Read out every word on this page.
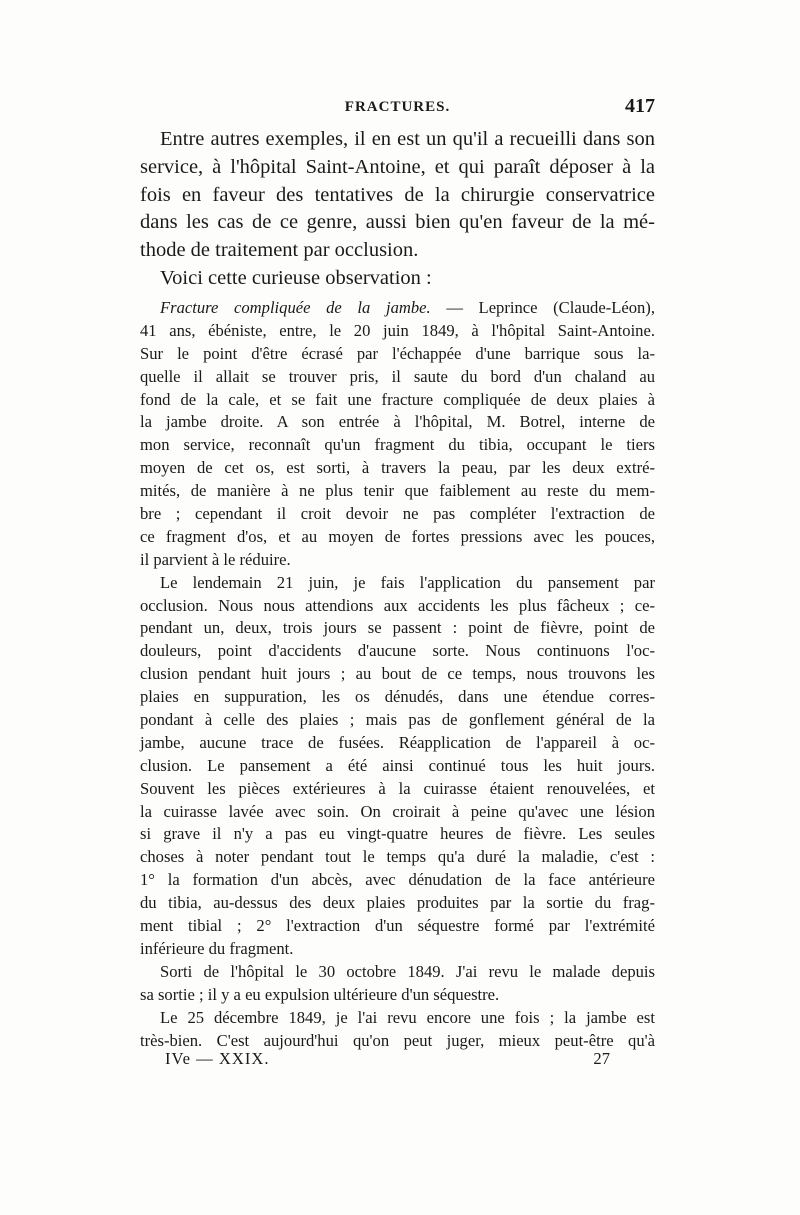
FRACTURES.	417
Entre autres exemples, il en est un qu'il a recueilli dans son
service, à l'hôpital Saint-Antoine, et qui paraît déposer à la
fois en faveur des tentatives de la chirurgie conservatrice
dans les cas de ce genre, aussi bien qu'en faveur de la mé-
thode de traitement par occlusion.
Voici cette curieuse observation :
Fracture compliquée de la jambe. — Leprince (Claude-Léon),
41 ans, ébéniste, entre, le 20 juin 1849, à l'hôpital Saint-Antoine.
Sur le point d'être écrasé par l'échappée d'une barrique sous la-
quelle il allait se trouver pris, il saute du bord d'un chaland au
fond de la cale, et se fait une fracture compliquée de deux plaies à
la jambe droite. A son entrée à l'hôpital, M. Botrel, interne de
mon service, reconnaît qu'un fragment du tibia, occupant le tiers
moyen de cet os, est sorti, à travers la peau, par les deux extré-
mités, de manière à ne plus tenir que faiblement au reste du mem-
bre ; cependant il croit devoir ne pas compléter l'extraction de
ce fragment d'os, et au moyen de fortes pressions avec les pouces,
il parvient à le réduire.
Le lendemain 21 juin, je fais l'application du pansement par
occlusion. Nous nous attendions aux accidents les plus fâcheux ; ce-
pendant un, deux, trois jours se passent : point de fièvre, point de
douleurs, point d'accidents d'aucune sorte. Nous continuons l'oc-
clusion pendant huit jours ; au bout de ce temps, nous trouvons les
plaies en suppuration, les os dénudés, dans une étendue corres-
pondant à celle des plaies ; mais pas de gonflement général de la
jambe, aucune trace de fusées. Réapplication de l'appareil à oc-
clusion. Le pansement a été ainsi continué tous les huit jours.
Souvent les pièces extérieures à la cuirasse étaient renouvelées, et
la cuirasse lavée avec soin. On croirait à peine qu'avec une lésion
si grave il n'y a pas eu vingt-quatre heures de fièvre. Les seules
choses à noter pendant tout le temps qu'a duré la maladie, c'est :
1° la formation d'un abcès, avec dénudation de la face antérieure
du tibia, au-dessus des deux plaies produites par la sortie du frag-
ment tibial ; 2° l'extraction d'un séquestre formé par l'extrémité
inférieure du fragment.
Sorti de l'hôpital le 30 octobre 1849. J'ai revu le malade depuis
sa sortie ; il y a eu expulsion ultérieure d'un séquestre.
Le 25 décembre 1849, je l'ai revu encore une fois ; la jambe est
très-bien. C'est aujourd'hui qu'on peut juger, mieux peut-être qu'à
IVe — XXIX.	27
